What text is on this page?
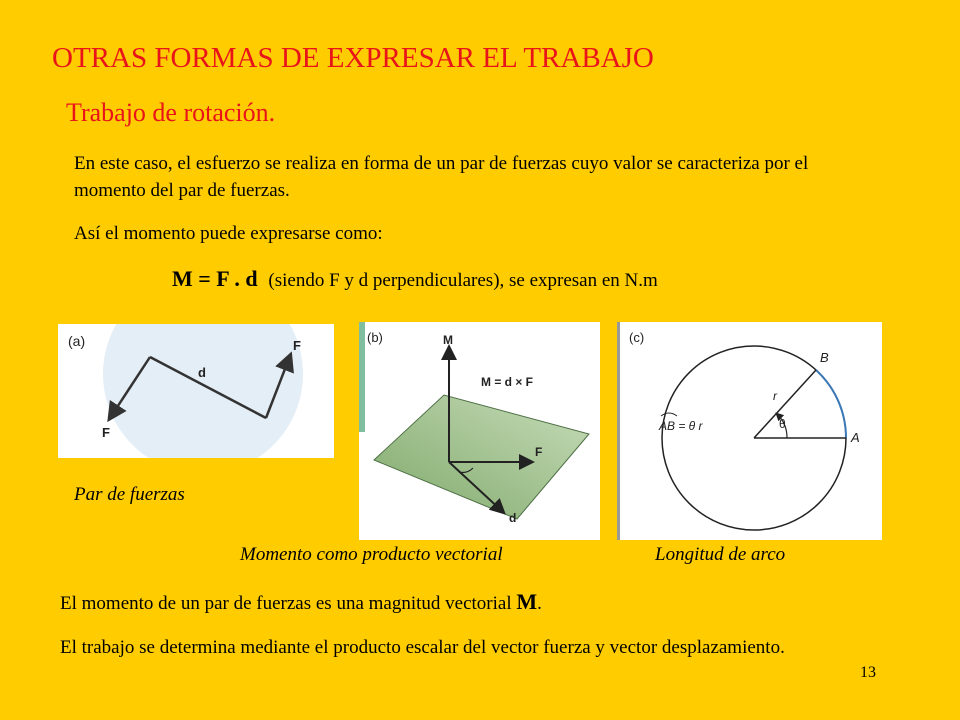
OTRAS FORMAS DE EXPRESAR EL TRABAJO
Trabajo de rotación.
En este caso, el esfuerzo se realiza en forma de un par de fuerzas cuyo valor se caracteriza por el momento del par de fuerzas.
Así el momento puede expresarse como:
M = F . d (siendo F y d perpendiculares), se expresan en N.m
(a)
d
F
F
(b)	M
M = d × F
F
d
(c)
B
A
r
θ
AB = θ r
Par de fuerzas
Momento como producto vectorial	Longitud de arco
El momento de un par de fuerzas es una magnitud vectorial M.
El trabajo se determina mediante el producto escalar del vector fuerza y vector desplazamiento.
13
